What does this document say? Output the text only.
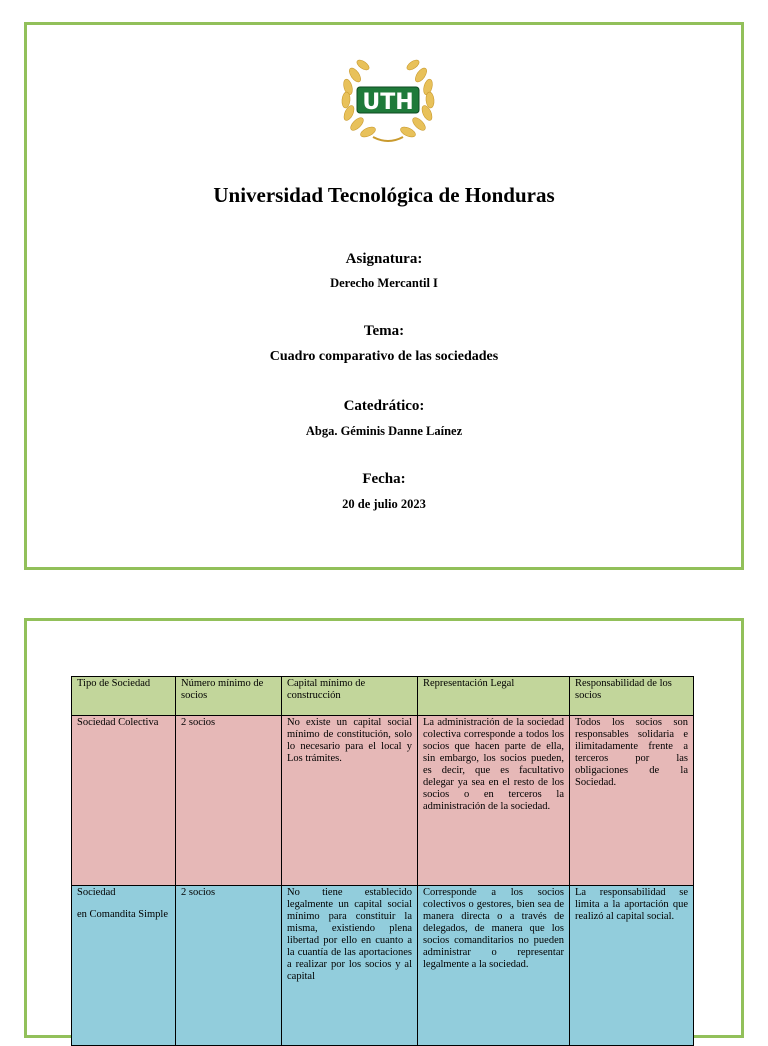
UTH
Universidad Tecnológica de Honduras
Asignatura:
Derecho Mercantil I
Tema:
Cuadro comparativo de las sociedades
Catedrático:
Abga. Géminis Danne Laínez
Fecha:
20 de julio 2023
Tipo de Sociedad	Número mínimo de socios	Capital mínimo de construcción	Representación Legal	Responsabilidad de los socios
Sociedad Colectiva	2 socios	No existe un capital social mínimo de constitución, solo lo necesario para el local y Los trámites.	La administración de la sociedad colectiva corresponde a todos los socios que hacen parte de ella, sin embargo, los socios pueden, es decir, que es facultativo delegar ya sea en el resto de los socios o en terceros la administración de la sociedad.	Todos los socios son responsables solidaria e ilimitadamente frente a terceros por las obligaciones de la Sociedad.

Sociedad
en Comandita Simple	2 socios	No tiene establecido legalmente un capital social mínimo para constituir la misma, existiendo plena libertad por ello en cuanto a la cuantía de las aportaciones a realizar por los socios y al capital	Corresponde a los socios colectivos o gestores, bien sea de manera directa o a través de delegados, de manera que los socios comanditarios no pueden administrar o representar legalmente a la sociedad.	La responsabilidad se limita a la aportación que realizó al capital social.
